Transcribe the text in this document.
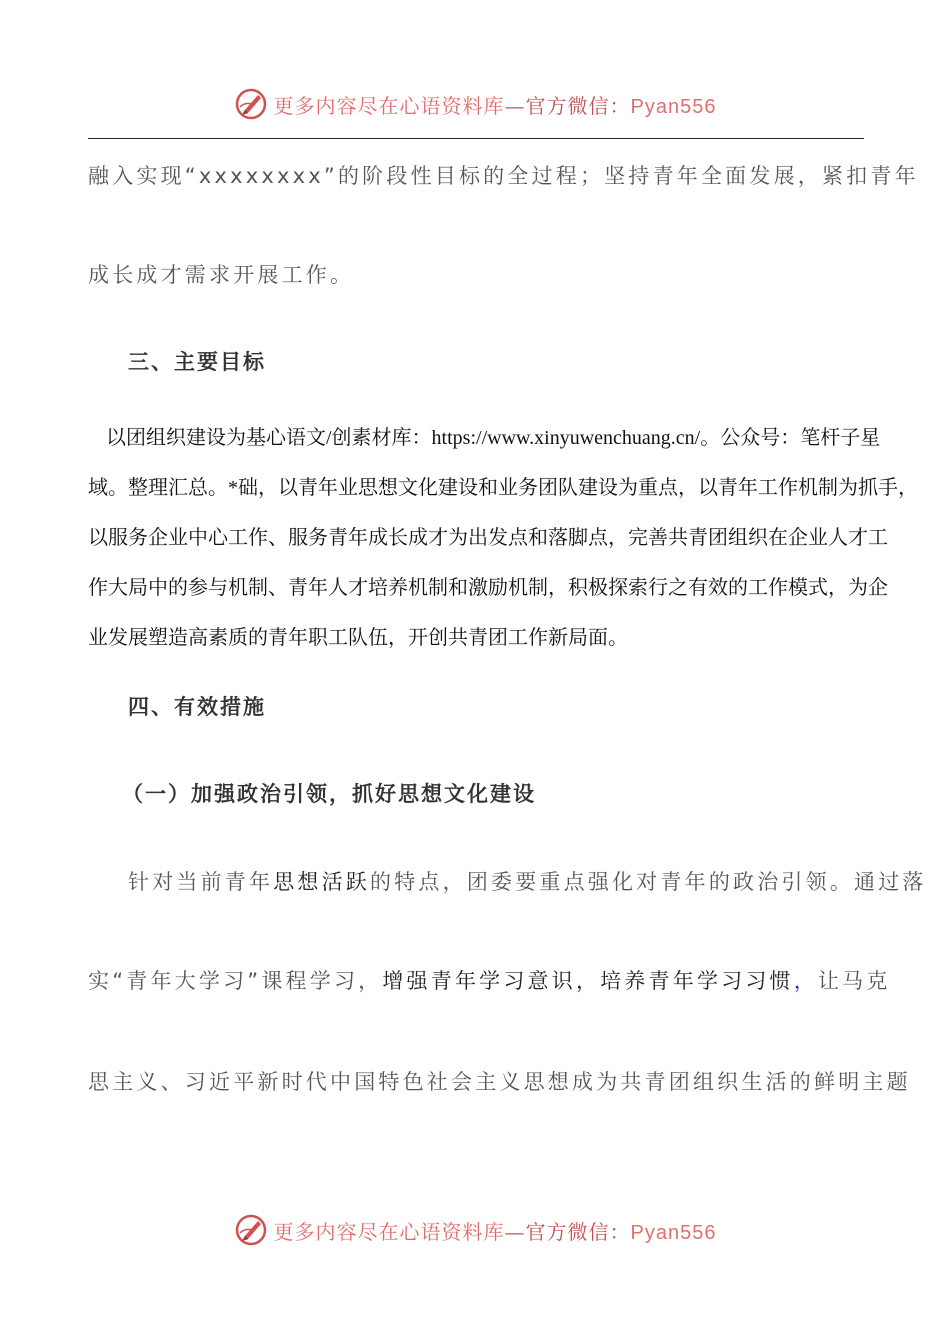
更多内容尽在心语资料库—官方微信：Pyan556
融入实现“xxxxxxxx”的阶段性目标的全过程；坚持青年全面发展，紧扣青年
成长成才需求开展工作。
三、主要目标
以团组织建设为基心语文/创素材库：https://www.xinyuwenchuang.cn/。公众号：笔杆子星
域。整理汇总。*础，以青年业思想文化建设和业务团队建设为重点，以青年工作机制为抓手，
以服务企业中心工作、服务青年成长成才为出发点和落脚点，完善共青团组织在企业人才工
作大局中的参与机制、青年人才培养机制和激励机制，积极探索行之有效的工作模式，为企
业发展塑造高素质的青年职工队伍，开创共青团工作新局面。
四、有效措施
（一）加强政治引领，抓好思想文化建设
针对当前青年思想活跃的特点，团委要重点强化对青年的政治引领。通过落
实“青年大学习”课程学习，增强青年学习意识，培养青年学习习惯，让马克
思主义、习近平新时代中国特色社会主义思想成为共青团组织生活的鲜明主题
更多内容尽在心语资料库—官方微信：Pyan556
